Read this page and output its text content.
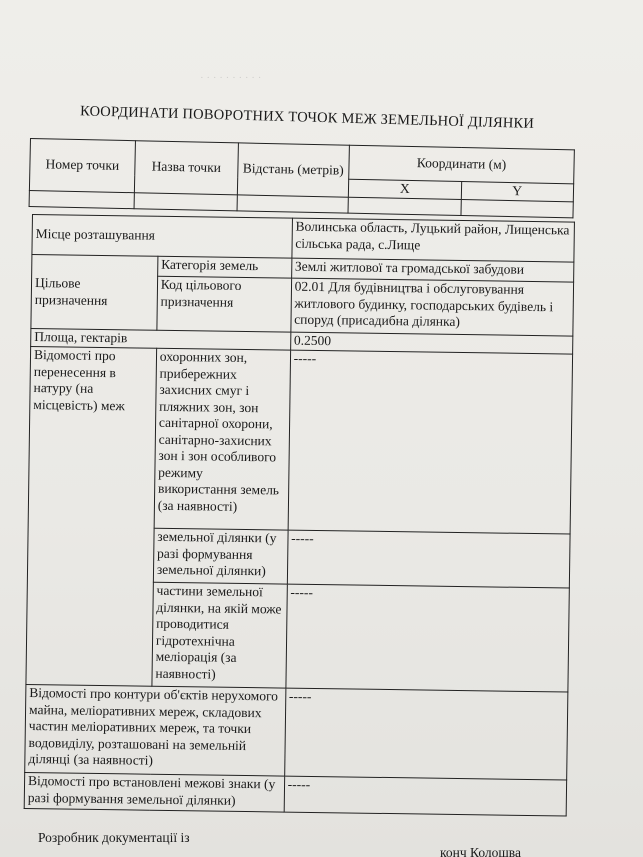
· · · · · · · · · ·
КООРДИНАТИ ПОВОРОТНИХ ТОЧОК МЕЖ ЗЕМЕЛЬНОЇ ДІЛЯНКИ
Номер точки	Назва точки	Відстань (метрів)	Координати (м)	
			X	Y

Місце розташування		Волинська область, Луцький район, Лищенська сільська рада, с.Лище
Цільове призначення	Категорія земель	Землі житлової та громадської забудови
	Код цільового призначення	02.01 Для будівництва і обслуговування житлового будинку, господарських будівель і споруд (присадибна ділянка)
Площа, гектарів		0.2500
Відомості про перенесення в натуру (на місцевість) меж	охоронних зон, прибережних захисних смуг і пляжних зон, зон санітарної охорони, санітарно-захисних зон і зон особливого режиму використання земель (за наявності)	-----
	земельної ділянки (у разі формування земельної ділянки)	-----
	частини земельної ділянки, на якій може проводитися гідротехнічна меліорація (за наявності)	-----
Відомості про контури об'єктів нерухомого майна, меліоративних мереж, складових частин меліоративних мереж, та точки водовиділу, розташовані на земельній ділянці (за наявності)		-----
Відомості про встановлені межові знаки (у разі формування земельної ділянки)		-----
Розробник документації із
конч Колошва
